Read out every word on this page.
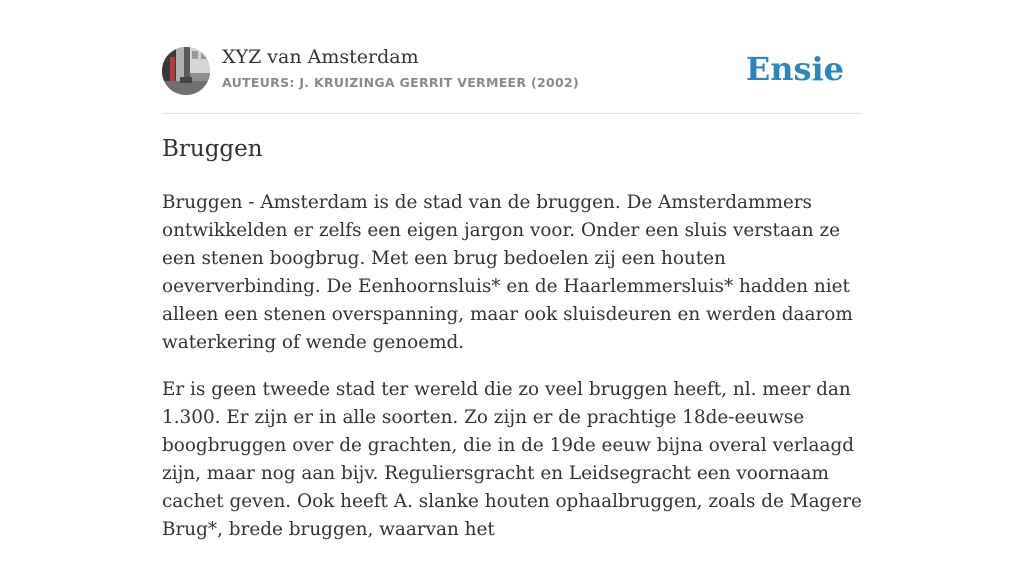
XYZ van Amsterdam
AUTEURS: J. KRUIZINGA GERRIT VERMEER (2002)	Ensie
Bruggen

Bruggen - Amsterdam is de stad van de bruggen. De Amsterdammers ontwikkelden er zelfs een eigen jargon voor. Onder een sluis verstaan ze een stenen boogbrug. Met een brug bedoelen zij een houten oeververbinding. De Eenhoornsluis* en de Haarlemmersluis* hadden niet alleen een stenen overspanning, maar ook sluisdeuren en werden daarom waterkering of wende genoemd.

Er is geen tweede stad ter wereld die zo veel bruggen heeft, nl. meer dan 1.300. Er zijn er in alle soorten. Zo zijn er de prachtige 18de-eeuwse boogbruggen over de grachten, die in de 19de eeuw bijna overal verlaagd zijn, maar nog aan bijv. Reguliersgracht en Leidsegracht een voornaam cachet geven. Ook heeft A. slanke houten ophaalbruggen, zoals de Magere Brug*, brede bruggen, waarvan het
